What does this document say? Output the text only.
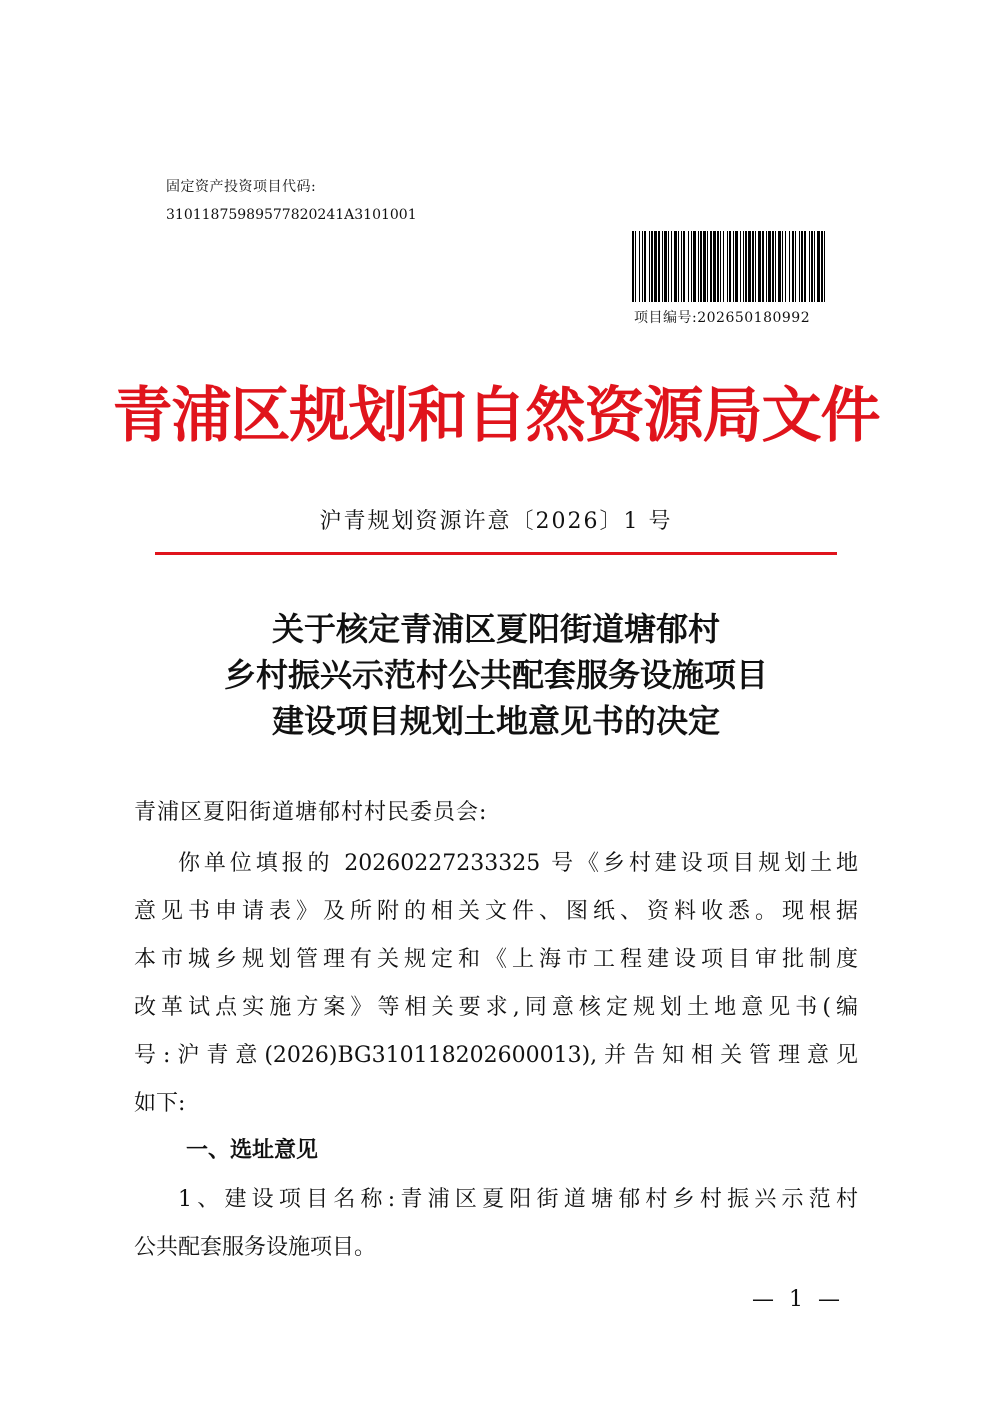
固定资产投资项目代码:
31011875989577820241A3101001
项目编号:202650180992
青浦区规划和自然资源局文件
沪青规划资源许意〔2026〕1 号
关于核定青浦区夏阳街道塘郁村
乡村振兴示范村公共配套服务设施项目
建设项目规划土地意见书的决定
青浦区夏阳街道塘郁村村民委员会:
你单位填报的 20260227233325 号《乡村建设项目规划土地
意见书申请表》及所附的相关文件、图纸、资料收悉。现根据
本市城乡规划管理有关规定和《上海市工程建设项目审批制度
改革试点实施方案》等相关要求,同意核定规划土地意见书(编
号:沪青意(2026)BG310118202600013),并告知相关管理意见
如下:
一、选址意见
1、建设项目名称:青浦区夏阳街道塘郁村乡村振兴示范村
公共配套服务设施项目。
— 1 —
